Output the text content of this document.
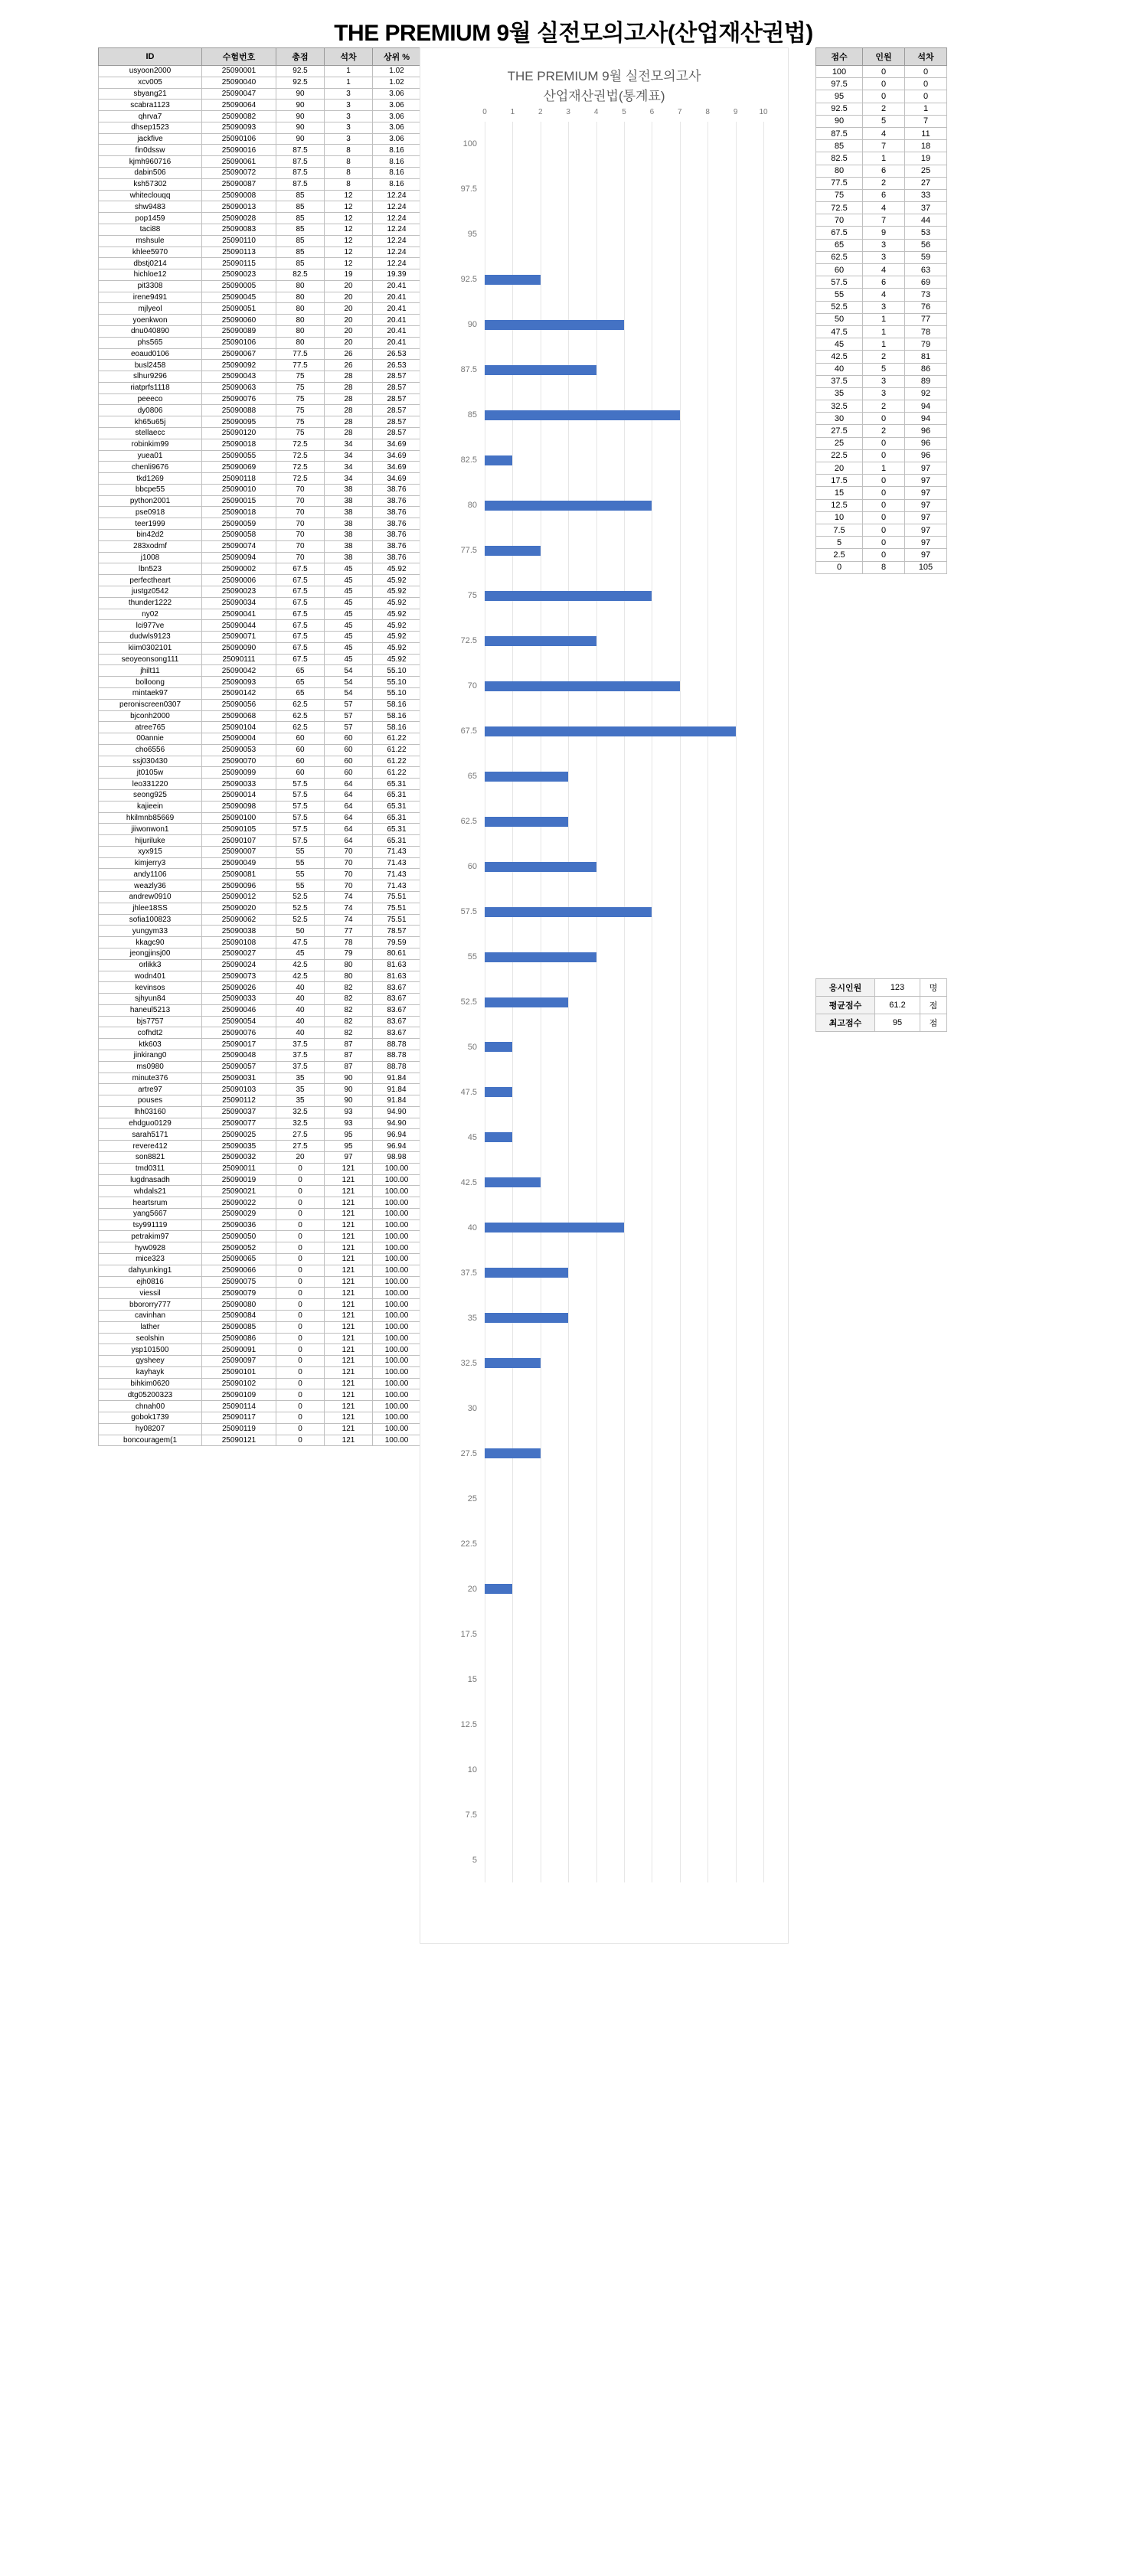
THE PREMIUM 9월 실전모의고사(산업재산권법)
ID	수험번호	총점	석차	상위 %
usyoon2000	25090001	92.5	1	1.02
xcv005	25090040	92.5	1	1.02
sbyang21	25090047	90	3	3.06
scabra1123	25090064	90	3	3.06
qhrva7	25090082	90	3	3.06
dhsep1523	25090093	90	3	3.06
jackfive	25090106	90	3	3.06
fin0dssw	25090016	87.5	8	8.16
kjmh960716	25090061	87.5	8	8.16
dabin506	25090072	87.5	8	8.16
ksh57302	25090087	87.5	8	8.16
whiteclouqq	25090008	85	12	12.24
shw9483	25090013	85	12	12.24
pop1459	25090028	85	12	12.24
taci88	25090083	85	12	12.24
mshsule	25090110	85	12	12.24
khlee5970	25090113	85	12	12.24
dbstj0214	25090115	85	12	12.24
hichloe12	25090023	82.5	19	19.39
pit3308	25090005	80	20	20.41
irene9491	25090045	80	20	20.41
mjlyeol	25090051	80	20	20.41
yoenkwon	25090060	80	20	20.41
dnu040890	25090089	80	20	20.41
phs565	25090106	80	20	20.41
eoaud0106	25090067	77.5	26	26.53
busl2458	25090092	77.5	26	26.53
slhur9296	25090043	75	28	28.57
riatprfs1118	25090063	75	28	28.57
peeeco	25090076	75	28	28.57
dy0806	25090088	75	28	28.57
kh65u65j	25090095	75	28	28.57
stellaecc	25090120	75	28	28.57
robinkim99	25090018	72.5	34	34.69
yuea01	25090055	72.5	34	34.69
chenli9676	25090069	72.5	34	34.69
tkd1269	25090118	72.5	34	34.69
bbcpe55	25090010	70	38	38.76
python2001	25090015	70	38	38.76
pse0918	25090018	70	38	38.76
teer1999	25090059	70	38	38.76
bin42d2	25090058	70	38	38.76
283xodmf	25090074	70	38	38.76
j1008	25090094	70	38	38.76
lbn523	25090002	67.5	45	45.92
perfectheart	25090006	67.5	45	45.92
justgz0542	25090023	67.5	45	45.92
thunder1222	25090034	67.5	45	45.92
ny02	25090041	67.5	45	45.92
lci977ve	25090044	67.5	45	45.92
dudwls9123	25090071	67.5	45	45.92
kiim0302101	25090090	67.5	45	45.92
seoyeonsong111	25090111	67.5	45	45.92
jhilt11	25090042	65	54	55.10
bolloong	25090093	65	54	55.10
mintaek97	25090142	65	54	55.10
peroniscreen0307	25090056	62.5	57	58.16
bjconh2000	25090068	62.5	57	58.16
atree765	25090104	62.5	57	58.16
00annie	25090004	60	60	61.22
cho6556	25090053	60	60	61.22
ssj030430	25090070	60	60	61.22
jt0105w	25090099	60	60	61.22
leo331220	25090033	57.5	64	65.31
seong925	25090014	57.5	64	65.31
kajieein	25090098	57.5	64	65.31
hkilmnb85669	25090100	57.5	64	65.31
jiiwonwon1	25090105	57.5	64	65.31
hijuriluke	25090107	57.5	64	65.31
xyx915	25090007	55	70	71.43
kimjerry3	25090049	55	70	71.43
andy1106	25090081	55	70	71.43
weazly36	25090096	55	70	71.43
andrew0910	25090012	52.5	74	75.51
jhlee18SS	25090020	52.5	74	75.51
sofia100823	25090062	52.5	74	75.51
yungym33	25090038	50	77	78.57
kkagc90	25090108	47.5	78	79.59
jeongjinsj00	25090027	45	79	80.61
orlikk3	25090024	42.5	80	81.63
wodn401	25090073	42.5	80	81.63
kevinsos	25090026	40	82	83.67
sjhyun84	25090033	40	82	83.67
haneul5213	25090046	40	82	83.67
bjs7757	25090054	40	82	83.67
cofhdt2	25090076	40	82	83.67
ktk603	25090017	37.5	87	88.78
jinkirang0	25090048	37.5	87	88.78
ms0980	25090057	37.5	87	88.78
minute376	25090031	35	90	91.84
artre97	25090103	35	90	91.84
pouses	25090112	35	90	91.84
lhh03160	25090037	32.5	93	94.90
ehdguo0129	25090077	32.5	93	94.90
sarah5171	25090025	27.5	95	96.94
revere412	25090035	27.5	95	96.94
son8821	25090032	20	97	98.98
tmd0311	25090011	0	121	100.00
lugdnasadh	25090019	0	121	100.00
whdals21	25090021	0	121	100.00
heartsrum	25090022	0	121	100.00
yang5667	25090029	0	121	100.00
tsy991119	25090036	0	121	100.00
petrakim97	25090050	0	121	100.00
hyw0928	25090052	0	121	100.00
mice323	25090065	0	121	100.00
dahyunking1	25090066	0	121	100.00
ejh0816	25090075	0	121	100.00
viessil	25090079	0	121	100.00
bbororry777	25090080	0	121	100.00
cavinhan	25090084	0	121	100.00
lather	25090085	0	121	100.00
seolshin	25090086	0	121	100.00
ysp101500	25090091	0	121	100.00
gysheey	25090097	0	121	100.00
kayhayk	25090101	0	121	100.00
bihkim0620	25090102	0	121	100.00
dtg05200323	25090109	0	121	100.00
chnah00	25090114	0	121	100.00
gobok1739	25090117	0	121	100.00
hy08207	25090119	0	121	100.00
boncouragem(1	25090121	0	121	100.00
THE PREMIUM 9월 실전모의고사
산업재산권법(통계표)
0	1	2	3	4	5	6	7	8	9	10
100
97.5
95
92.5
90
87.5
85
82.5
80
77.5
75
72.5
70
67.5
65
62.5
60
57.5
55
52.5
50
47.5
45
42.5
40
37.5
35
32.5
30
27.5
25
22.5
20
17.5
15
12.5
10
7.5
5
점수	인원	석차
100	0	0
97.5	0	0
95	0	0
92.5	2	1
90	5	7
87.5	4	11
85	7	18
82.5	1	19
80	6	25
77.5	2	27
75	6	33
72.5	4	37
70	7	44
67.5	9	53
65	3	56
62.5	3	59
60	4	63
57.5	6	69
55	4	73
52.5	3	76
50	1	77
47.5	1	78
45	1	79
42.5	2	81
40	5	86
37.5	3	89
35	3	92
32.5	2	94
30	0	94
27.5	2	96
25	0	96
22.5	0	96
20	1	97
17.5	0	97
15	0	97
12.5	0	97
10	0	97
7.5	0	97
5	0	97
2.5	0	97
0	8	105
응시인원	123	명
평균점수	61.2	점
최고점수	95	점
